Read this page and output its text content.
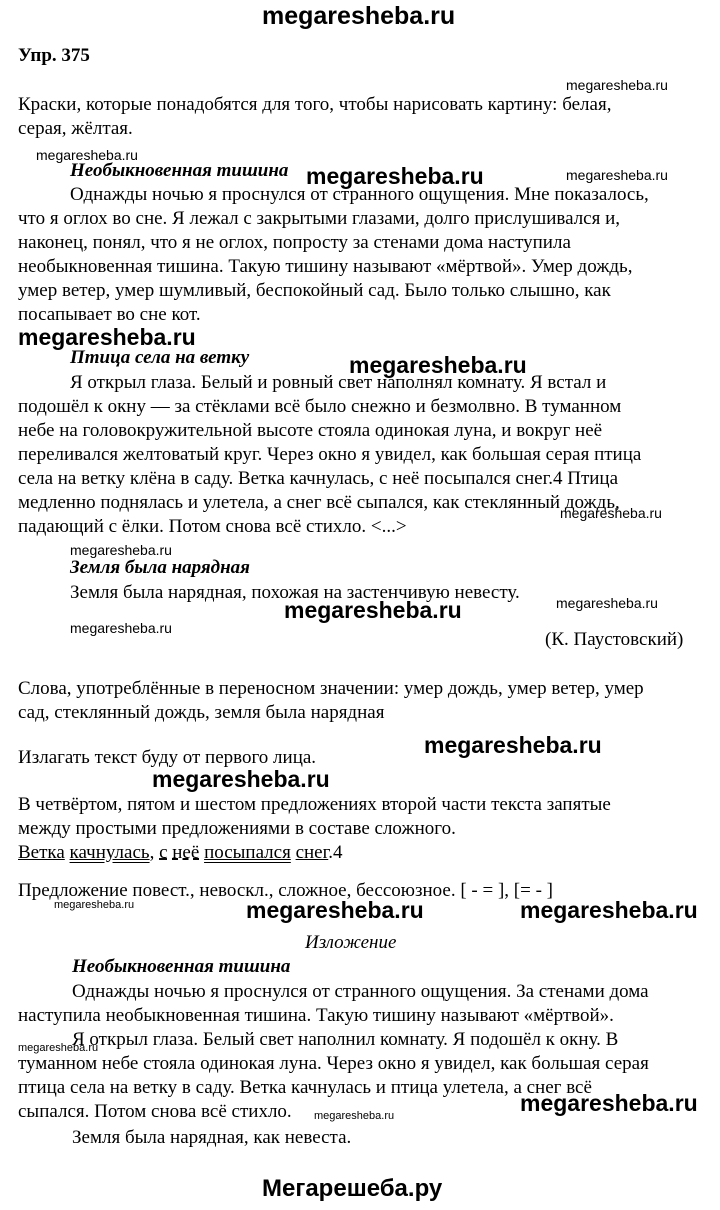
megaresheba.ru
Упр. 375
megaresheba.ru
Краски, которые понадобятся для того, чтобы нарисовать картину: белая,
серая, жёлтая.
megaresheba.ru
Необыкновенная тишина megaresheba.ru	megaresheba.ru
Однажды ночью я проснулся от странного ощущения. Мне показалось,
что я оглох во сне. Я лежал с закрытыми глазами, долго прислушивался и,
наконец, понял, что я не оглох, попросту за стенами дома наступила
необыкновенная тишина. Такую тишину называют «мёртвой». Умер дождь,
умер ветер, умер шумливый, беспокойный сад. Было только слышно, как
посапывает во сне кот.
megaresheba.ru
Птица села на ветку	megaresheba.ru
Я открыл глаза. Белый и ровный свет наполнял комнату. Я встал и
подошёл к окну — за стёклами всё было снежно и безмолвно. В туманном
небе на головокружительной высоте стояла одинокая луна, и вокруг неё
переливался желтоватый круг. Через окно я увидел, как большая серая птица
села на ветку клёна в саду. Ветка качнулась, с неё посыпался снег.4 Птица
медленно поднялась и улетела, а снег всё сыпался, как стеклянный дождь,
megaresheba.ru
падающий с ёлки. Потом снова всё стихло. <...>
megaresheba.ru
Земля была нарядная
Земля была нарядная, похожая на застенчивую невесту.	megaresheba.ru
megaresheba.ru
megaresheba.ru
(К. Паустовский)
Слова, употреблённые в переносном значении: умер дождь, умер ветер, умер
сад, стеклянный дождь, земля была нарядная
Излагать текст буду от первого лица.	megaresheba.ru
megaresheba.ru
В четвёртом, пятом и шестом предложениях второй части текста запятые
между простыми предложениями в составе сложного.
Ветка качнулась, с неё посыпался снег.4
Предложение повест., невоскл., сложное, бессоюзное. [ - = ], [= - ]
megaresheba.ru	megaresheba.ru	megaresheba.ru
Изложение
Необыкновенная тишина
Однажды ночью я проснулся от странного ощущения. За стенами дома
наступила необыкновенная тишина. Такую тишину называют «мёртвой».
Я открыл глаза. Белый свет наполнил комнату. Я подошёл к окну. В
megaresheba.ru
туманном небе стояла одинокая луна. Через окно я увидел, как большая серая
птица села на ветку в саду. Ветка качнулась и птица улетела, а снег всё
сыпался. Потом снова всё стихло. megaresheba.ru	megaresheba.ru
Земля была нарядная, как невеста.
Мегарешеба.ру
